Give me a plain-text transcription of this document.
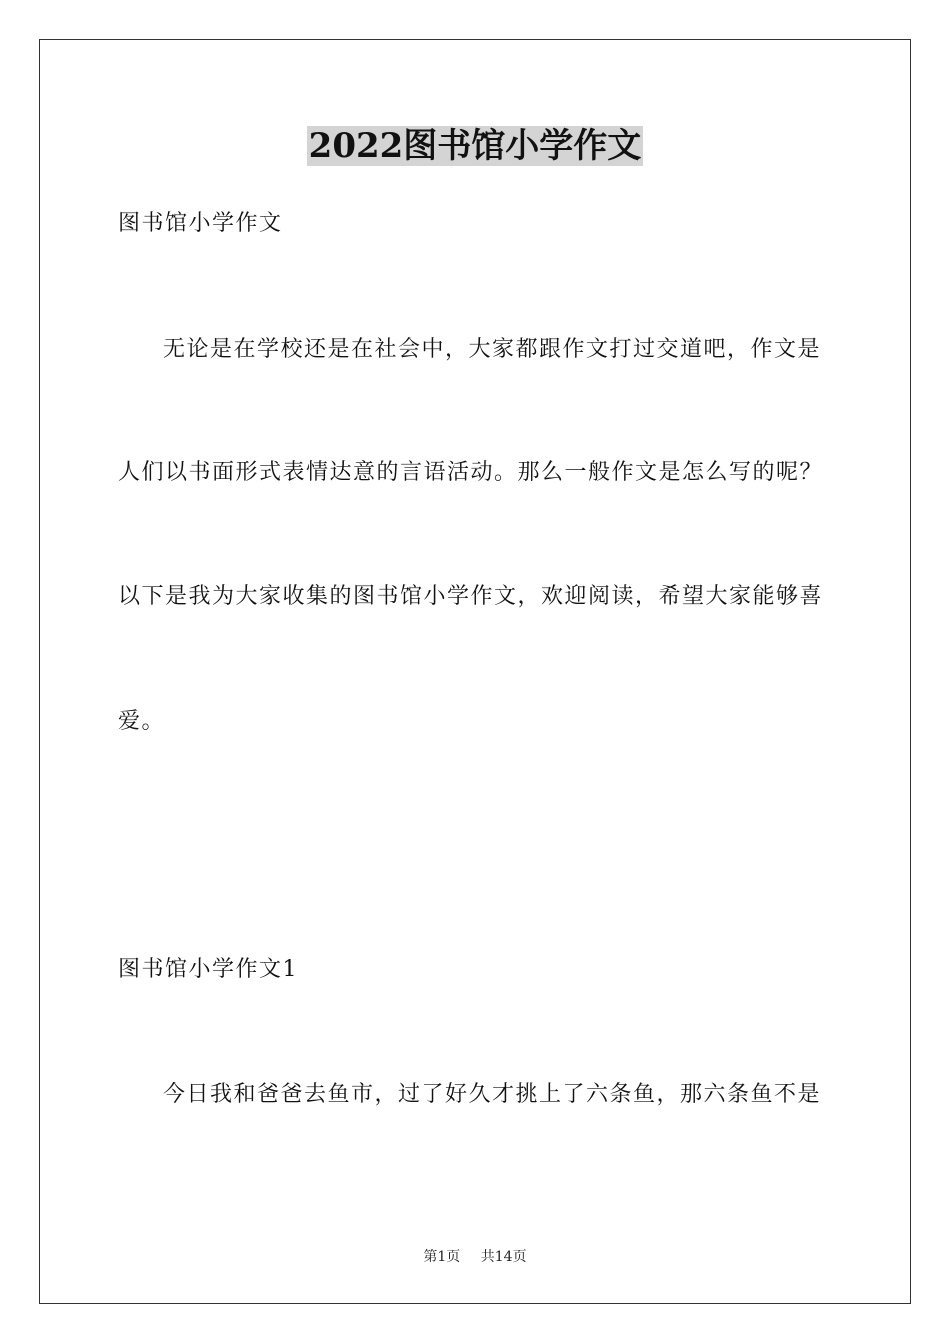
2022图书馆小学作文
图书馆小学作文
无论是在学校还是在社会中，大家都跟作文打过交道吧，作文是
人们以书面形式表情达意的言语活动。那么一般作文是怎么写的呢？
以下是我为大家收集的图书馆小学作文，欢迎阅读，希望大家能够喜
爱。
图书馆小学作文1
今日我和爸爸去鱼市，过了好久才挑上了六条鱼，那六条鱼不是
第1页 共14页
